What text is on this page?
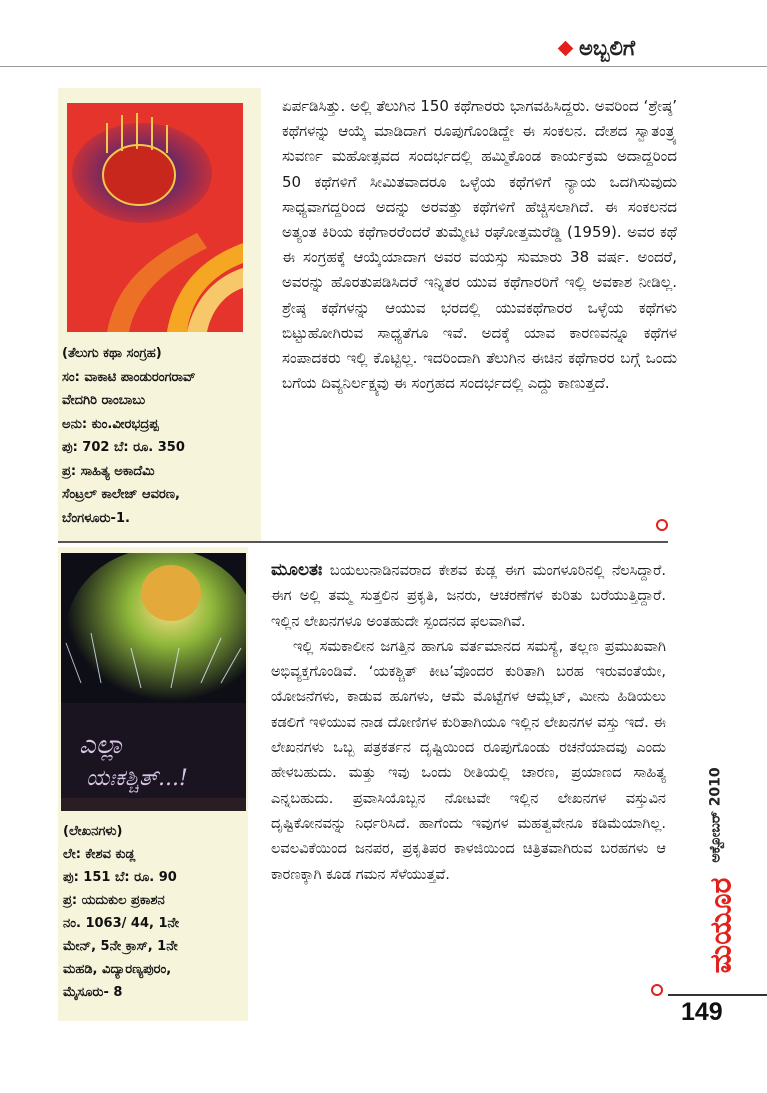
ಅಬ್ಬಲಿಗೆ
(ತೆಲುಗು ಕಥಾ ಸಂಗ್ರಹ)
ಸಂ: ವಾಕಾಟಿ ಪಾಂಡುರಂಗರಾವ್
ವೇದಗಿರಿ ರಾಂಬಾಬು
ಅನು: ಕುಂ.ವೀರಭದ್ರಪ್ಪ
ಪು: 702 ಬೆ: ರೂ. 350
ಪ್ರ: ಸಾಹಿತ್ಯ ಅಕಾದೆಮಿ
ಸೆಂಟ್ರಲ್ ಕಾಲೇಜ್ ಆವರಣ,
ಬೆಂಗಳೂರು-1.

ಏರ್ಪಡಿಸಿತ್ತು. ಅಲ್ಲಿ ತೆಲುಗಿನ 150 ಕಥೆಗಾರರು ಭಾಗವಹಿಸಿದ್ದರು. ಅವರಿಂದ ‘ಶ್ರೇಷ್ಠ’ ಕಥೆಗಳನ್ನು ಆಯ್ಕೆ ಮಾಡಿದಾಗ ರೂಪುಗೊಂಡಿದ್ದೇ ಈ ಸಂಕಲನ. ದೇಶದ ಸ್ವಾತಂತ್ರ್ಯ ಸುವರ್ಣ ಮಹೋತ್ಸವದ ಸಂದರ್ಭದಲ್ಲಿ ಹಮ್ಮಿಕೊಂಡ ಕಾರ್ಯಕ್ರಮ ಅದಾದ್ದರಿಂದ 50 ಕಥೆಗಳಿಗೆ ಸೀಮಿತವಾದರೂ ಒಳ್ಳೆಯ ಕಥೆಗಳಿಗೆ ನ್ಯಾಯ ಒದಗಿಸುವುದು ಸಾಧ್ಯವಾಗದ್ದರಿಂದ ಅದನ್ನು ಅರವತ್ತು ಕಥೆಗಳಿಗೆ ಹೆಚ್ಚಿಸಲಾಗಿದೆ. ಈ ಸಂಕಲನದ ಅತ್ಯಂತ ಕಿರಿಯ ಕಥೆಗಾರರೆಂದರೆ ತುಮ್ಮೇಟಿ ರಘೋತ್ತಮರೆಡ್ಡಿ (1959). ಅವರ ಕಥೆ ಈ ಸಂಗ್ರಹಕ್ಕೆ ಆಯ್ಕೆಯಾದಾಗ ಅವರ ವಯಸ್ಸು ಸುಮಾರು 38 ವರ್ಷ. ಅಂದರೆ, ಅವರನ್ನು ಹೊರತುಪಡಿಸಿದರೆ ಇನ್ನಿತರ ಯುವ ಕಥೆಗಾರರಿಗೆ ಇಲ್ಲಿ ಅವಕಾಶ ನೀಡಿಲ್ಲ. ಶ್ರೇಷ್ಠ ಕಥೆಗಳನ್ನು ಆಯುವ ಭರದಲ್ಲಿ ಯುವಕಥೆಗಾರರ ಒಳ್ಳೆಯ ಕಥೆಗಳು ಬಿಟ್ಟುಹೋಗಿರುವ ಸಾಧ್ಯತೆಗೂ ಇವೆ. ಅದಕ್ಕೆ ಯಾವ ಕಾರಣವನ್ನೂ ಕಥೆಗಳ ಸಂಪಾದಕರು ಇಲ್ಲಿ ಕೊಟ್ಟಿಲ್ಲ. ಇದರಿಂದಾಗಿ ತೆಲುಗಿನ ಈಚಿನ ಕಥೆಗಾರರ ಬಗ್ಗೆ ಒಂದು ಬಗೆಯ ದಿವ್ಯನಿರ್ಲಕ್ಷ್ಯವು ಈ ಸಂಗ್ರಹದ ಸಂದರ್ಭದಲ್ಲಿ ಎದ್ದು ಕಾಣುತ್ತದೆ.

ಎಲ್ಲಾ
ಯಃಕಶ್ಚಿತ್...!
(ಲೇಖನಗಳು)
ಲೇ: ಕೇಶವ ಕುಡ್ಲ
ಪು: 151 ಬೆ: ರೂ. 90
ಪ್ರ: ಯದುಕುಲ ಪ್ರಕಾಶನ
ನಂ. 1063/ 44, 1ನೇ
ಮೇನ್, 5ನೇ ಕ್ರಾಸ್, 1ನೇ
ಮಹಡಿ, ವಿದ್ಯಾರಣ್ಯಪುರಂ,
ಮೈಸೂರು- 8

ಮೂಲತಃ ಬಯಲುನಾಡಿನವರಾದ ಕೇಶವ ಕುಡ್ಲ ಈಗ ಮಂಗಳೂರಿನಲ್ಲಿ ನೆಲಸಿದ್ದಾರೆ. ಈಗ ಅಲ್ಲಿ ತಮ್ಮ ಸುತ್ತಲಿನ ಪ್ರಕೃತಿ, ಜನರು, ಆಚರಣೆಗಳ ಕುರಿತು ಬರೆಯುತ್ತಿದ್ದಾರೆ. ಇಲ್ಲಿನ ಲೇಖನಗಳೂ ಅಂತಹುದೇ ಸ್ಪಂದನದ ಫಲವಾಗಿವೆ.

ಇಲ್ಲಿ ಸಮಕಾಲೀನ ಜಗತ್ತಿನ ಹಾಗೂ ವರ್ತಮಾನದ ಸಮಸ್ಯೆ, ತಲ್ಲಣ ಪ್ರಮುಖವಾಗಿ ಅಭಿವ್ಯಕ್ತಗೊಂಡಿವೆ. ‘ಯಕಶ್ಚಿತ್ ಕೀಟ’ವೊಂದರ ಕುರಿತಾಗಿ ಬರಹ ಇರುವಂತೆಯೇ, ಯೋಜನೆಗಳು, ಕಾಡುವ ಹೂಗಳು, ಆಮೆ ಮೊಟ್ಟೆಗಳ ಆಮ್ಲೆಟ್, ಮೀನು ಹಿಡಿಯಲು ಕಡಲಿಗೆ ಇಳಿಯುವ ನಾಡ ದೋಣಿಗಳ ಕುರಿತಾಗಿಯೂ ಇಲ್ಲಿನ ಲೇಖನಗಳ ವಸ್ತು ಇದೆ. ಈ ಲೇಖನಗಳು ಒಬ್ಬ ಪತ್ರಕರ್ತನ ದೃಷ್ಟಿಯಿಂದ ರೂಪುಗೊಂಡು ರಚನೆಯಾದವು ಎಂದು ಹೇಳಬಹುದು. ಮತ್ತು ಇವು ಒಂದು ರೀತಿಯಲ್ಲಿ ಚಾರಣ, ಪ್ರಯಾಣದ ಸಾಹಿತ್ಯ ಎನ್ನಬಹುದು. ಪ್ರವಾಸಿಯೊಬ್ಬನ ನೋಟವೇ ಇಲ್ಲಿನ ಲೇಖನಗಳ ವಸ್ತುವಿನ ದೃಷ್ಟಿಕೋನವನ್ನು ನಿರ್ಧರಿಸಿದೆ. ಹಾಗೆಂದು ಇವುಗಳ ಮಹತ್ವವೇನೂ ಕಡಿಮೆಯಾಗಿಲ್ಲ. ಲವಲವಿಕೆಯಿಂದ ಜನಪರ, ಪ್ರಕೃತಿಪರ ಕಾಳಜಿಯಿಂದ ಚಿತ್ರಿತವಾಗಿರುವ ಬರಹಗಳು ಆ ಕಾರಣಕ್ಕಾಗಿ ಕೂಡ ಗಮನ ಸೆಳೆಯುತ್ತವೆ.

ಅಕ್ಟೋಬರ್ 2010
ಮಯೂರ
149
